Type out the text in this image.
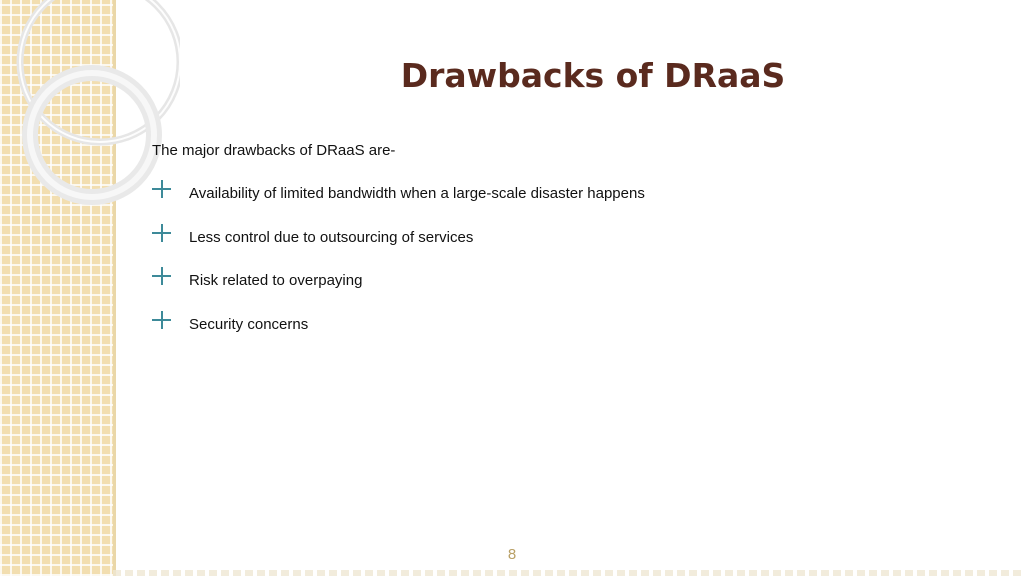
Drawbacks of DRaaS
The major drawbacks of DRaaS are-
Availability of limited bandwidth when a large-scale disaster happens
Less control due to outsourcing of services
Risk related to overpaying
Security concerns
8
